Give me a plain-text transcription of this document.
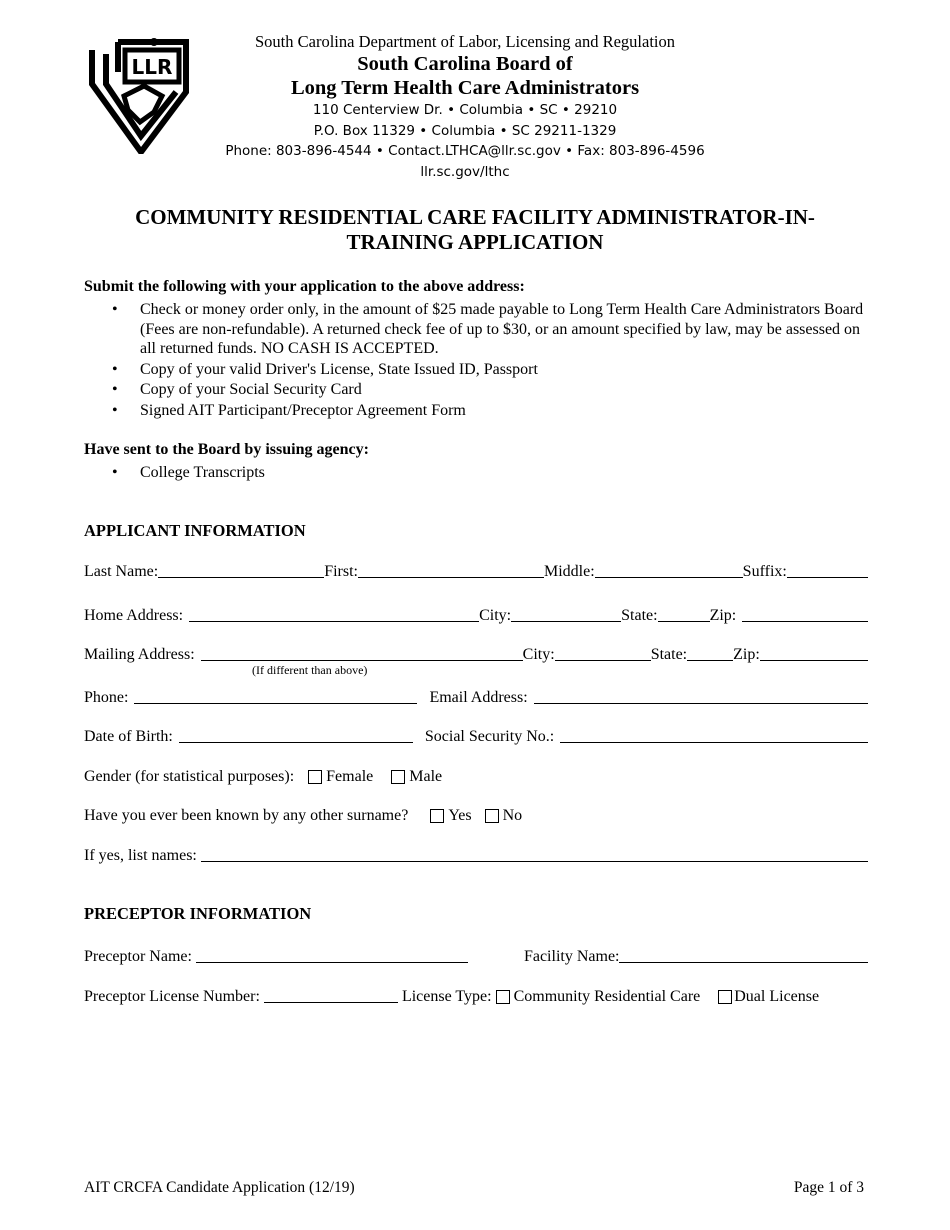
LLR
South Carolina Department of Labor, Licensing and Regulation
South Carolina Board of
Long Term Health Care Administrators
110 Centerview Dr. • Columbia • SC • 29210
P.O. Box 11329 • Columbia • SC 29211-1329
Phone: 803-896-4544 • Contact.LTHCA@llr.sc.gov • Fax: 803-896-4596
llr.sc.gov/lthc
COMMUNITY RESIDENTIAL CARE FACILITY ADMINISTRATOR-IN-
TRAINING APPLICATION
Submit the following with your application to the above address:
• Check or money order only, in the amount of $25 made payable to Long Term Health Care Administrators Board (Fees are non-refundable). A returned check fee of up to $30, or an amount specified by law, may be assessed on all returned funds. NO CASH IS ACCEPTED.
• Copy of your valid Driver's License, State Issued ID, Passport
• Copy of your Social Security Card
• Signed AIT Participant/Preceptor Agreement Form
Have sent to the Board by issuing agency:
• College Transcripts
APPLICANT INFORMATION
Last Name:	First:	Middle:	Suffix:
Home Address:	City:	State:	Zip:
Mailing Address:	City:	State:	Zip:
(If different than above)
Phone:	Email Address:
Date of Birth:	Social Security No.:
Gender (for statistical purposes): Female Male
Have you ever been known by any other surname?	Yes No
If yes, list names:
PRECEPTOR INFORMATION
Preceptor Name:	Facility Name:
Preceptor License Number:	License Type: Community Residential Care Dual License
AIT CRCFA Candidate Application (12/19)	Page 1 of 3
